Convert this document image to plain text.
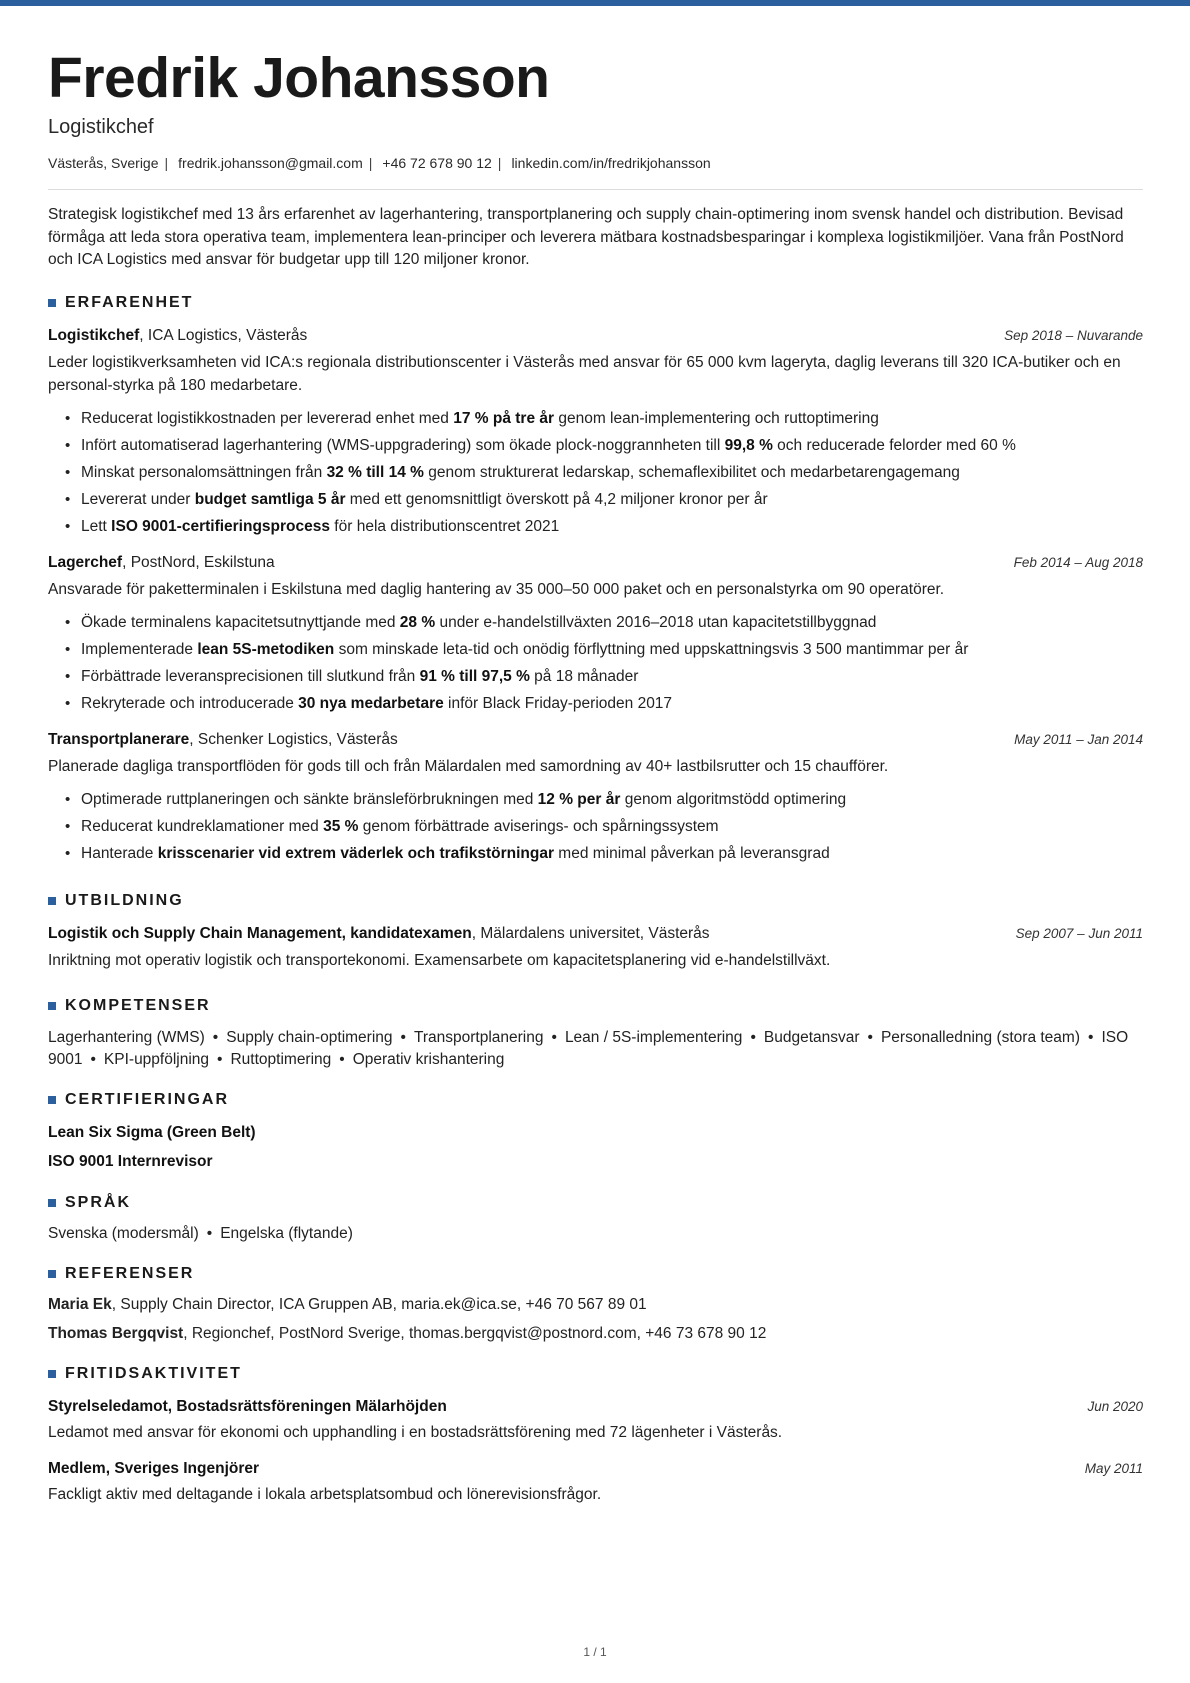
Fredrik Johansson
Logistikchef
Västerås, Sverige | fredrik.johansson@gmail.com | +46 72 678 90 12 | linkedin.com/in/fredrikjohansson
Strategisk logistikchef med 13 års erfarenhet av lagerhantering, transportplanering och supply chain-optimering inom svensk handel och distribution. Bevisad förmåga att leda stora operativa team, implementera lean-principer och leverera mätbara kostnadsbesparingar i komplexa logistikmiljöer. Vana från PostNord och ICA Logistics med ansvar för budgetar upp till 120 miljoner kronor.
ERFARENHET
Logistikchef, ICA Logistics, Västerås	Sep 2018 – Nuvarande
Leder logistikverksamheten vid ICA:s regionala distributionscenter i Västerås med ansvar för 65 000 kvm lageryta, daglig leverans till 320 ICA-butiker och en personal-styrka på 180 medarbetare.
• Reducerat logistikkostnaden per levererad enhet med 17 % på tre år genom lean-implementering och ruttoptimering
• Infört automatiserad lagerhantering (WMS-uppgradering) som ökade plock-noggrannheten till 99,8 % och reducerade felorder med 60 %
• Minskat personalomsättningen från 32 % till 14 % genom strukturerat ledarskap, schemaflexibilitet och medarbetarengagemang
• Levererat under budget samtliga 5 år med ett genomsnittligt överskott på 4,2 miljoner kronor per år
• Lett ISO 9001-certifieringsprocess för hela distributionscentret 2021
Lagerchef, PostNord, Eskilstuna	Feb 2014 – Aug 2018
Ansvarade för paketterminalen i Eskilstuna med daglig hantering av 35 000–50 000 paket och en personalstyrka om 90 operatörer.
• Ökade terminalens kapacitetsutnyttjande med 28 % under e-handelstillväxten 2016–2018 utan kapacitetstillbyggnad
• Implementerade lean 5S-metodiken som minskade leta-tid och onödig förflyttning med uppskattningsvis 3 500 mantimmar per år
• Förbättrade leveransprecisionen till slutkund från 91 % till 97,5 % på 18 månader
• Rekryterade och introducerade 30 nya medarbetare inför Black Friday-perioden 2017
Transportplanerare, Schenker Logistics, Västerås	May 2011 – Jan 2014
Planerade dagliga transportflöden för gods till och från Mälardalen med samordning av 40+ lastbilsrutter och 15 chaufförer.
• Optimerade ruttplaneringen och sänkte bränsleförbrukningen med 12 % per år genom algoritmstödd optimering
• Reducerat kundreklamationer med 35 % genom förbättrade aviserings- och spårningssystem
• Hanterade krisscenarier vid extrem väderlek och trafikstörningar med minimal påverkan på leveransgrad
UTBILDNING
Logistik och Supply Chain Management, kandidatexamen, Mälardalens universitet, Västerås	Sep 2007 – Jun 2011
Inriktning mot operativ logistik och transportekonomi. Examensarbete om kapacitetsplanering vid e-handelstillväxt.
KOMPETENSER
Lagerhantering (WMS) • Supply chain-optimering • Transportplanering • Lean / 5S-implementering • Budgetansvar • Personalledning (stora team) • ISO 9001 • KPI-uppföljning • Ruttoptimering • Operativ krishantering
CERTIFIERINGAR
Lean Six Sigma (Green Belt)
ISO 9001 Internrevisor
SPRÅK
Svenska (modersmål) • Engelska (flytande)
REFERENSER
Maria Ek, Supply Chain Director, ICA Gruppen AB, maria.ek@ica.se, +46 70 567 89 01
Thomas Bergqvist, Regionchef, PostNord Sverige, thomas.bergqvist@postnord.com, +46 73 678 90 12
FRITIDSAKTIVITET
Styrelseledamot, Bostadsrättsföreningen Mälarhöjden	Jun 2020
Ledamot med ansvar för ekonomi och upphandling i en bostadsrättsförening med 72 lägenheter i Västerås.
Medlem, Sveriges Ingenjörer	May 2011
Fackligt aktiv med deltagande i lokala arbetsplatsombud och lönerevisionsfrågor.
1 / 1
